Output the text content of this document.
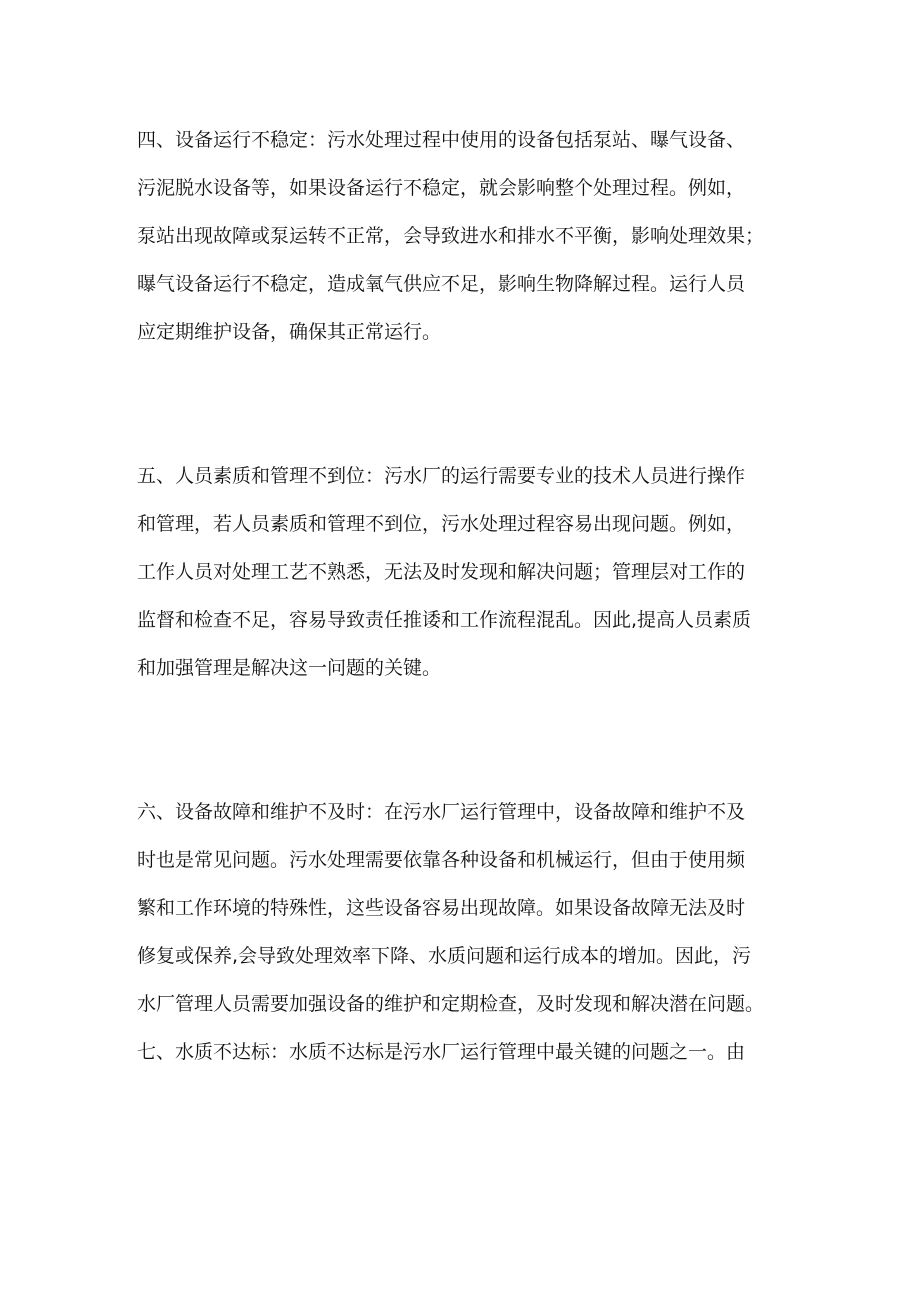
四、设备运行不稳定：污水处理过程中使用的设备包括泵站、曝气设备、
污泥脱水设备等，如果设备运行不稳定，就会影响整个处理过程。例如，
泵站出现故障或泵运转不正常，会导致进水和排水不平衡，影响处理效果；
曝气设备运行不稳定，造成氧气供应不足，影响生物降解过程。运行人员
应定期维护设备，确保其正常运行。
五、人员素质和管理不到位：污水厂的运行需要专业的技术人员进行操作
和管理，若人员素质和管理不到位，污水处理过程容易出现问题。例如，
工作人员对处理工艺不熟悉，无法及时发现和解决问题；管理层对工作的
监督和检查不足，容易导致责任推诿和工作流程混乱。因此,提高人员素质
和加强管理是解决这一问题的关键。
六、设备故障和维护不及时：在污水厂运行管理中，设备故障和维护不及
时也是常见问题。污水处理需要依靠各种设备和机械运行，但由于使用频
繁和工作环境的特殊性，这些设备容易出现故障。如果设备故障无法及时
修复或保养,会导致处理效率下降、水质问题和运行成本的增加。因此，污
水厂管理人员需要加强设备的维护和定期检查，及时发现和解决潜在问题。
七、水质不达标：水质不达标是污水厂运行管理中最关键的问题之一。由
